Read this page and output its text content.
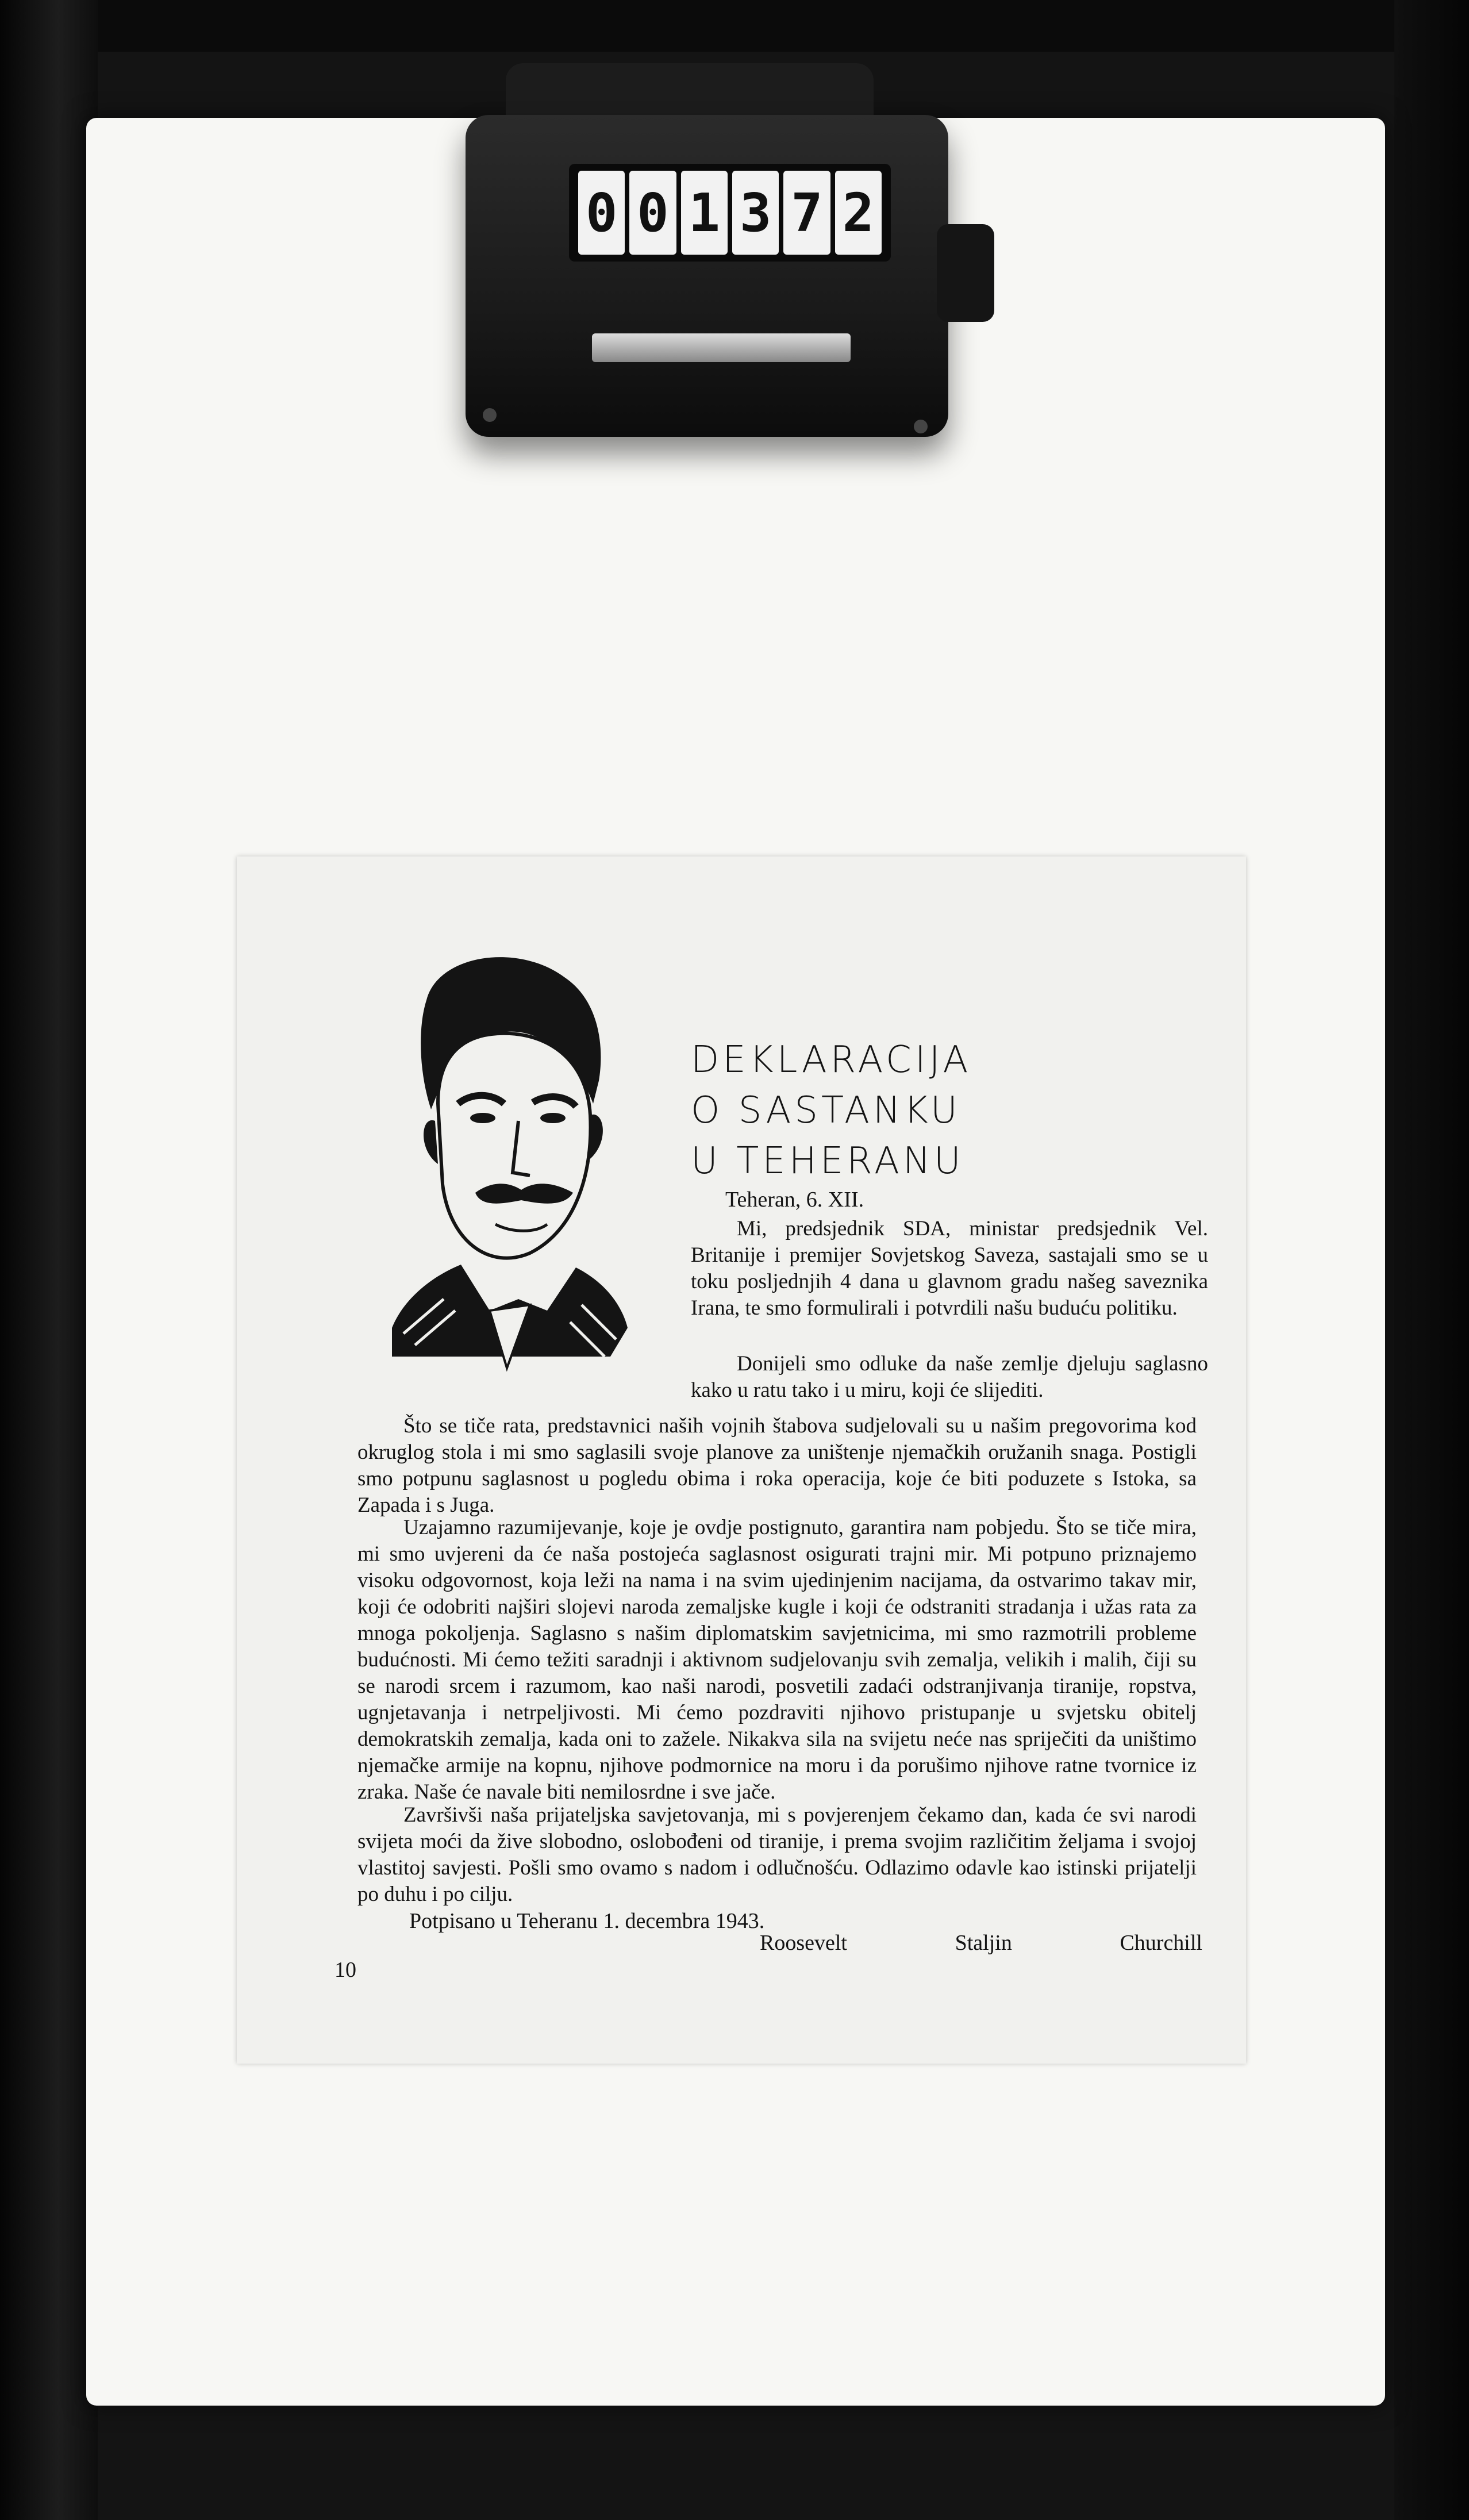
0 0 1 3 7 2
DEKLARACIJA
O SASTANKU
U TEHERANU
Teheran, 6. XII.
Mi, predsjednik SDA, ministar predsjednik Vel. Britanije i premijer Sovjetskog Saveza, sastajali smo se u toku posljednjih 4 dana u glavnom gradu našeg saveznika Irana, te smo formulirali i potvrdili našu buduću politiku.
Donijeli smo odluke da naše zemlje djeluju saglasno kako u ratu tako i u miru, koji će slijediti.
Što se tiče rata, predstavnici naših vojnih štabova sudjelovali su u našim pregovorima kod okruglog stola i mi smo saglasili svoje planove za uništenje njemačkih oružanih snaga. Postigli smo potpunu saglasnost u pogledu obima i roka operacija, koje će biti poduzete s Istoka, sa Zapada i s Juga.
Uzajamno razumijevanje, koje je ovdje postignuto, garantira nam pobjedu. Što se tiče mira, mi smo uvjereni da će naša postojeća saglasnost osigurati trajni mir. Mi potpuno priznajemo visoku odgovornost, koja leži na nama i na svim ujedinjenim nacijama, da ostvarimo takav mir, koji će odobriti najširi slojevi naroda zemaljske kugle i koji će odstraniti stradanja i užas rata za mnoga pokoljenja. Saglasno s našim diplomatskim savjetnicima, mi smo razmotrili probleme budućnosti. Mi ćemo težiti saradnji i aktivnom sudjelovanju svih zemalja, velikih i malih, čiji su se narodi srcem i razumom, kao naši narodi, posvetili zadaći odstranjivanja tiranije, ropstva, ugnjetavanja i netrpeljivosti. Mi ćemo pozdraviti njihovo pristupanje u svjetsku obitelj demokratskih zemalja, kada oni to zažele. Nikakva sila na svijetu neće nas spriječiti da uništimo njemačke armije na kopnu, njihove podmornice na moru i da porušimo njihove ratne tvornice iz zraka. Naše će navale biti nemilosrdne i sve jače.
Završivši naša prijateljska savjetovanja, mi s povjerenjem čekamo dan, kada će svi narodi svijeta moći da žive slobodno, oslobođeni od tiranije, i prema svojim različitim željama i svojoj vlastitoj savjesti. Pošli smo ovamo s nadom i odlučnošću. Odlazimo odavle kao istinski prijatelji po duhu i po cilju.
Potpisano u Teheranu 1. decembra 1943.
Roosevelt	Staljin	Churchill
10
